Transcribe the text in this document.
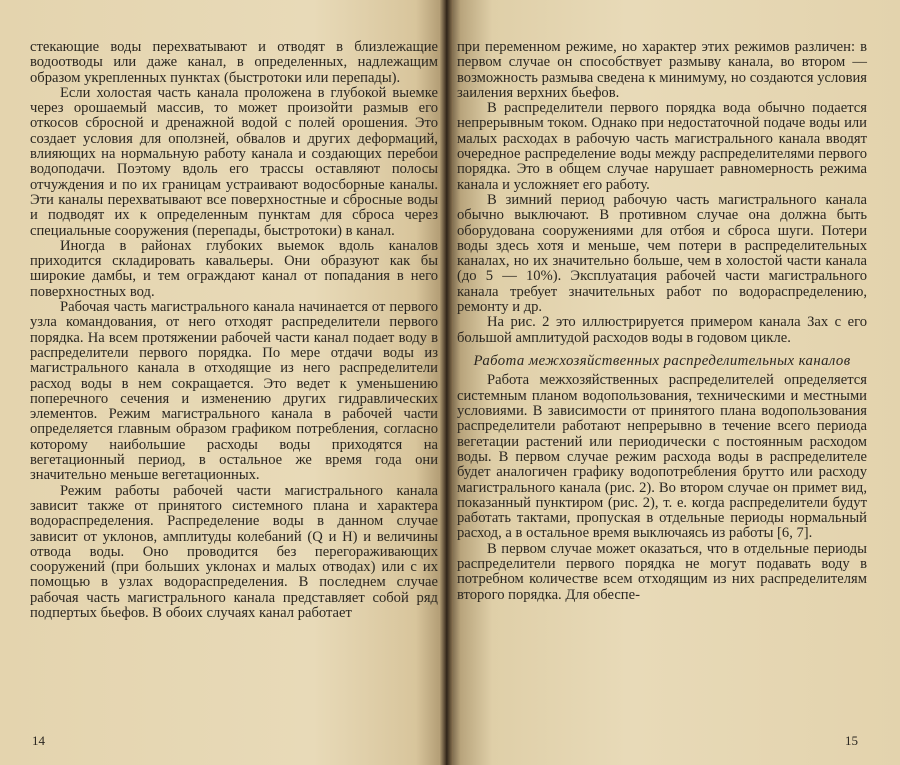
стекающие воды перехватывают и отводят в близлежащие водоотводы или даже канал, в определенных, надлежащим образом укрепленных пунктах (быстротоки или перепады).

Если холостая часть канала проложена в глубокой выемке через орошаемый массив, то может произойти размыв его откосов сбросной и дренажной водой с полей орошения. Это создает условия для оползней, обвалов и других деформаций, влияющих на нормальную работу канала и создающих перебои водоподачи. Поэтому вдоль его трассы оставляют полосы отчуждения и по их границам устраивают водосборные каналы. Эти каналы перехватывают все поверхностные и сбросные воды и подводят их к определенным пунктам для сброса через специальные сооружения (перепады, быстротоки) в канал.

Иногда в районах глубоких выемок вдоль каналов приходится складировать кавальеры. Они образуют как бы широкие дамбы, и тем ограждают канал от попадания в него поверхностных вод.

Рабочая часть магистрального канала начинается от первого узла командования, от него отходят распределители первого порядка. На всем протяжении рабочей части канал подает воду в распределители первого порядка. По мере отдачи воды из магистрального канала в отходящие из него распределители расход воды в нем сокращается. Это ведет к уменьшению поперечного сечения и изменению других гидравлических элементов. Режим магистрального канала в рабочей части определяется главным образом графиком потребления, согласно которому наибольшие расходы воды приходятся на вегетационный период, в остальное же время года они значительно меньше вегетационных.

Режим работы рабочей части магистрального канала зависит также от принятого системного плана и характера водораспределения. Распределение воды в данном случае зависит от уклонов, амплитуды колебаний (Q и H) и величины отвода воды. Оно проводится без перегораживающих сооружений (при больших уклонах и малых отводах) или с их помощью в узлах водораспределения. В последнем случае рабочая часть магистрального канала представляет собой ряд подпертых бьефов. В обоих случаях канал работает

14

при переменном режиме, но характер этих режимов различен: в первом случае он способствует размыву канала, во втором — возможность размыва сведена к минимуму, но создаются условия заиления верхних бьефов.

В распределители первого порядка вода обычно подается непрерывным током. Однако при недостаточной подаче воды или малых расходах в рабочую часть магистрального канала вводят очередное распределение воды между распределителями первого порядка. Это в общем случае нарушает равномерность режима канала и усложняет его работу.

В зимний период рабочую часть магистрального канала обычно выключают. В противном случае она должна быть оборудована сооружениями для отбоя и сброса шуги. Потери воды здесь хотя и меньше, чем потери в распределительных каналах, но их значительно больше, чем в холостой части канала (до 5 — 10%). Эксплуатация рабочей части магистрального канала требует значительных работ по водораспределению, ремонту и др.

На рис. 2 это иллюстрируется примером канала Зах с его большой амплитудой расходов воды в годовом цикле.

Работа межхозяйственных распределительных каналов

Работа межхозяйственных распределителей определяется системным планом водопользования, техническими и местными условиями. В зависимости от принятого плана водопользования распределители работают непрерывно в течение всего периода вегетации растений или периодически с постоянным расходом воды. В первом случае режим расхода воды в распределителе будет аналогичен графику водопотребления брутто или расходу магистрального канала (рис. 2). Во втором случае он примет вид, показанный пунктиром (рис. 2), т. е. когда распределители будут работать тактами, пропуская в отдельные периоды нормальный расход, а в остальное время выключаясь из работы [6, 7].

В первом случае может оказаться, что в отдельные периоды распределители первого порядка не могут подавать воду в потребном количестве всем отходящим из них распределителям второго порядка. Для обеспе-

15
